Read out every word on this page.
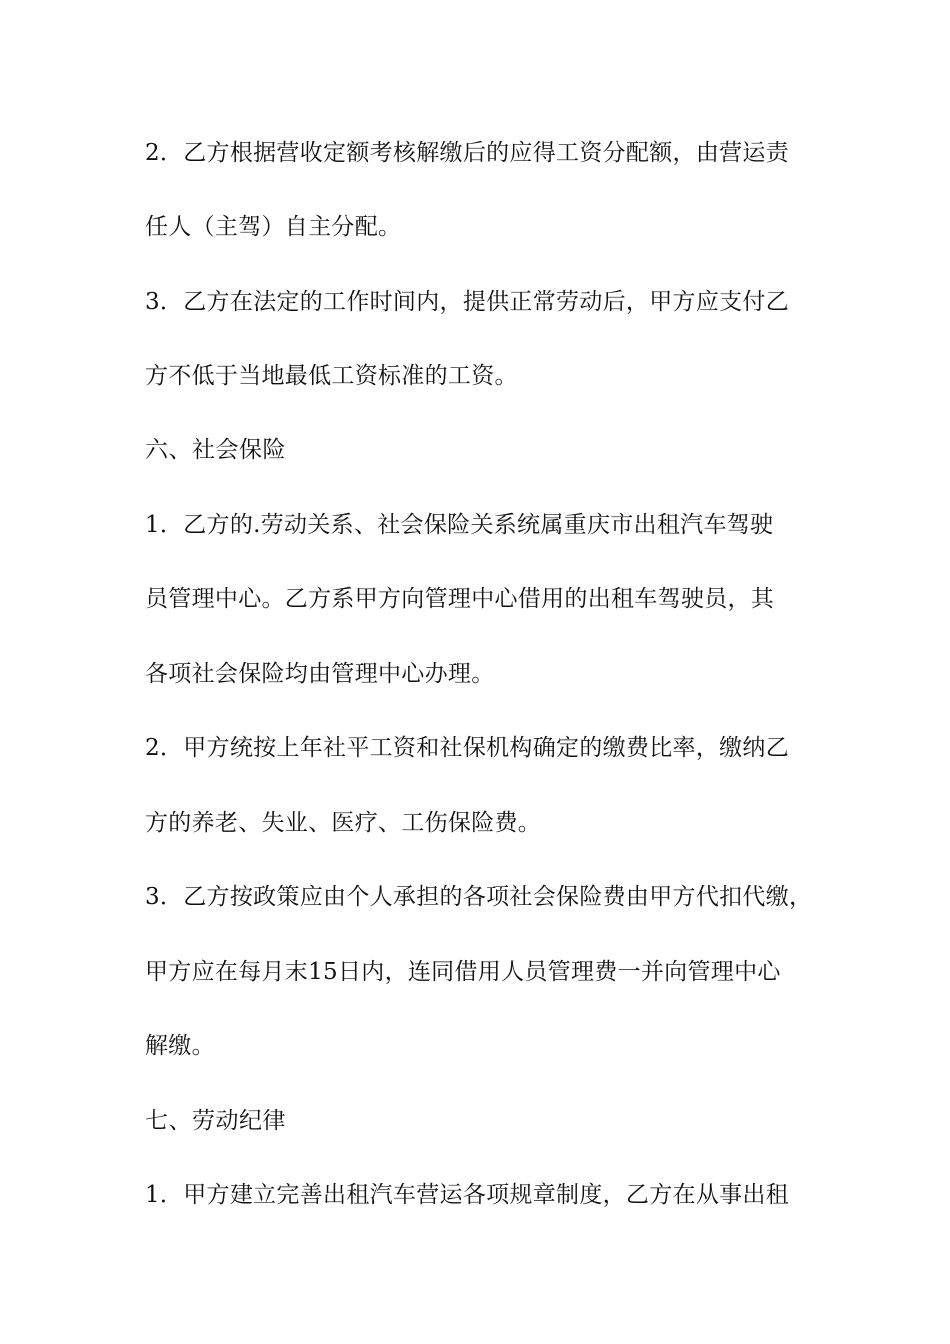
2．乙方根据营收定额考核解缴后的应得工资分配额，由营运责
任人（主驾）自主分配。
3．乙方在法定的工作时间内，提供正常劳动后，甲方应支付乙
方不低于当地最低工资标准的工资。
六、社会保险
1．乙方的.劳动关系、社会保险关系统属重庆市出租汽车驾驶
员管理中心。乙方系甲方向管理中心借用的出租车驾驶员，其
各项社会保险均由管理中心办理。
2．甲方统按上年社平工资和社保机构确定的缴费比率，缴纳乙
方的养老、失业、医疗、工伤保险费。
3．乙方按政策应由个人承担的各项社会保险费由甲方代扣代缴，
甲方应在每月末15日内，连同借用人员管理费一并向管理中心
解缴。
七、劳动纪律
1．甲方建立完善出租汽车营运各项规章制度，乙方在从事出租
